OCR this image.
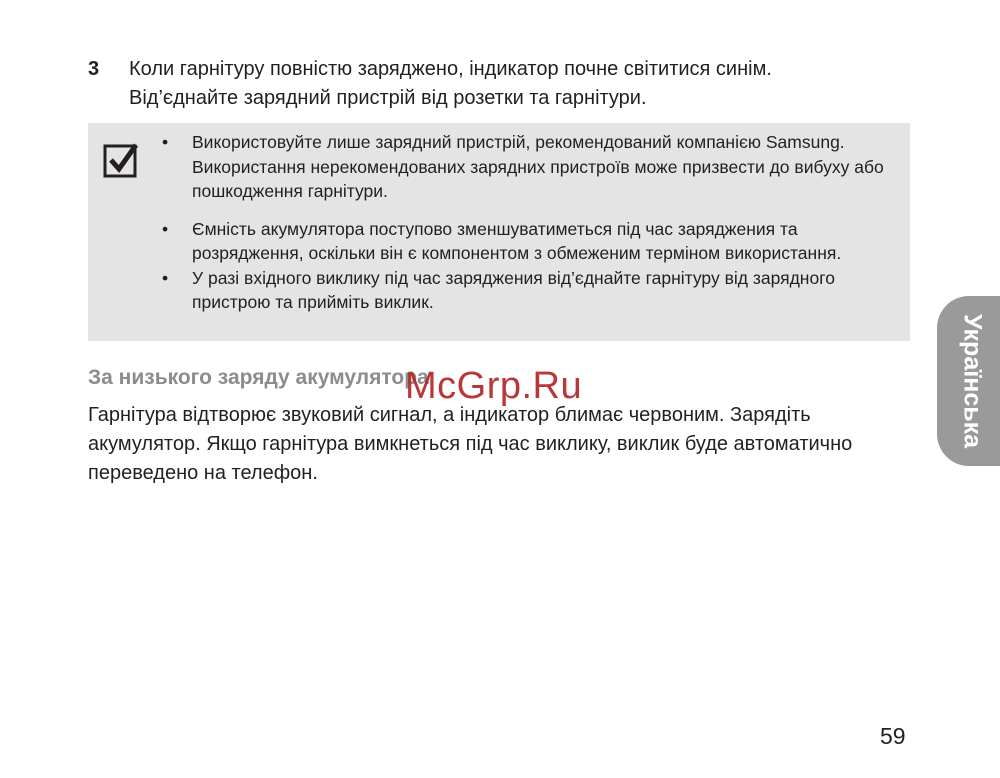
3 Коли гарнітуру повністю заряджено, індикатор почне світитися синім.
Від’єднайте зарядний пристрій від розетки та гарнітури.
• Використовуйте лише зарядний пристрій, рекомендований компанією Samsung. Використання нерекомендованих зарядних пристроїв може призвести до вибуху або пошкодження гарнітури.
• Ємність акумулятора поступово зменшуватиметься під час заряджения та розрядження, оскільки він є компонентом з обмеженим терміном використання.
• У разі вхідного виклику під час заряджения від’єднайте гарнітуру від зарядного пристрою та прийміть виклик.
За низького заряду акумулятора
McGrp.Ru

Гарнітура відтворює звуковий сигнал, а індикатор блимає червоним. Зарядіть акумулятор. Якщо гарнітура вимкнеться під час виклику, виклик буде автоматично переведено на телефон.

Українська
59
